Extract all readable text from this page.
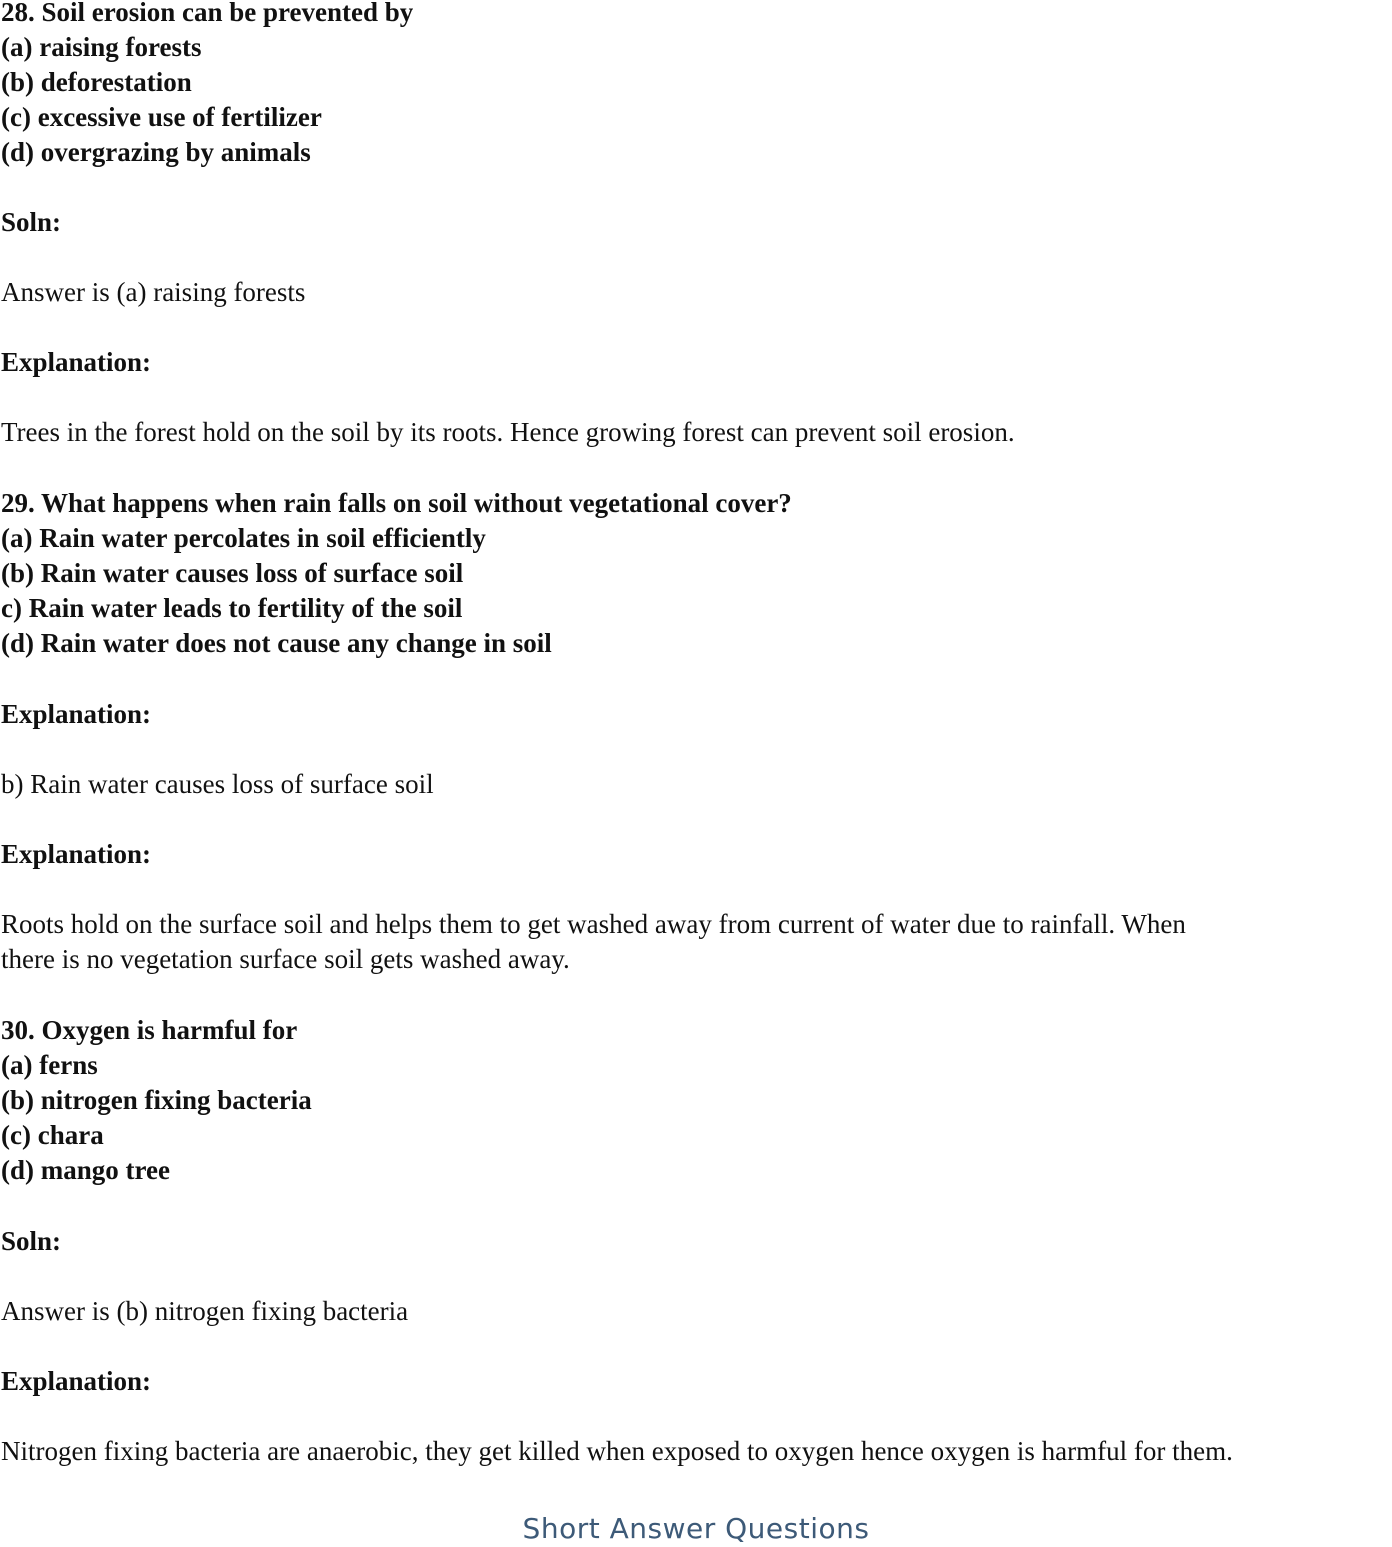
28. Soil erosion can be prevented by

(a) raising forests

(b) deforestation

(c) excessive use of fertilizer

(d) overgrazing by animals

Soln:

Answer is (a) raising forests

Explanation:

Trees in the forest hold on the soil by its roots. Hence growing forest can prevent soil erosion.

29. What happens when rain falls on soil without vegetational cover?

(a) Rain water percolates in soil efficiently

(b) Rain water causes loss of surface soil

c) Rain water leads to fertility of the soil

(d) Rain water does not cause any change in soil

Explanation:

b) Rain water causes loss of surface soil

Explanation:

Roots hold on the surface soil and helps them to get washed away from current of water due to rainfall. When

there is no vegetation surface soil gets washed away.

30. Oxygen is harmful for

(a) ferns

(b) nitrogen fixing bacteria

(c) chara

(d) mango tree

Soln:

Answer is (b) nitrogen fixing bacteria

Explanation:

Nitrogen fixing bacteria are anaerobic, they get killed when exposed to oxygen hence oxygen is harmful for them.

Short Answer Questions
